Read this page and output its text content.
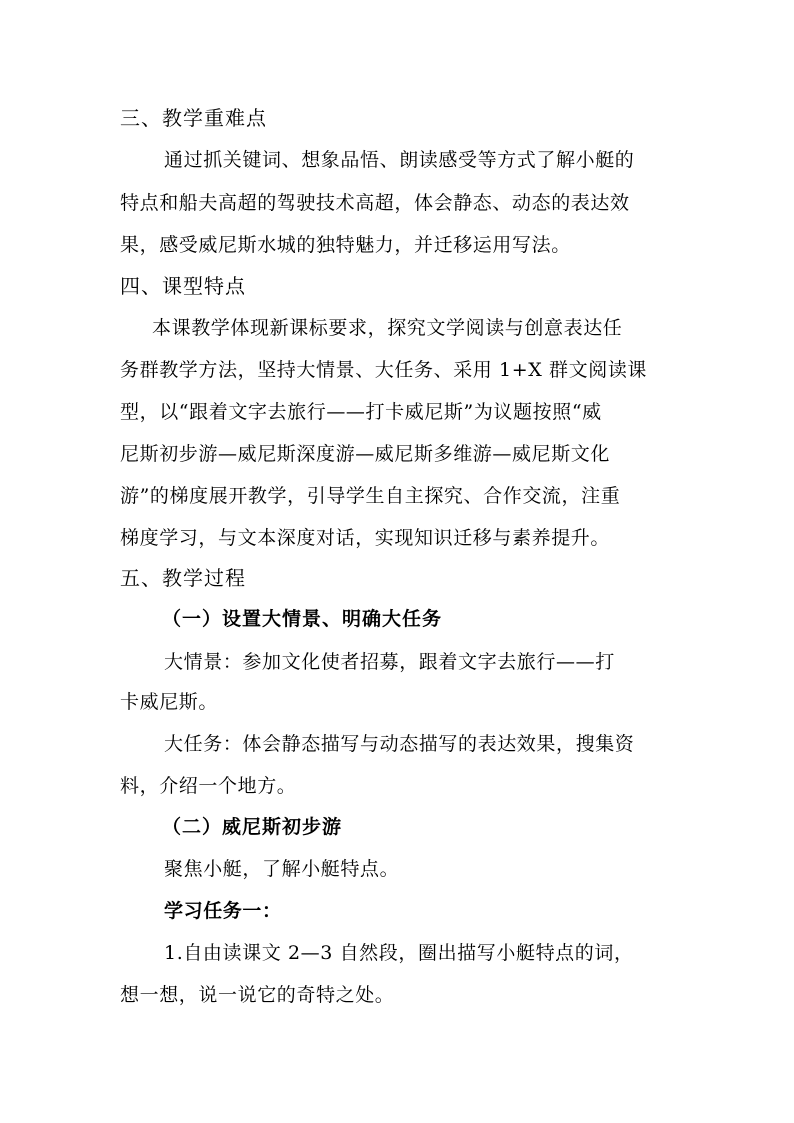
三、教学重难点
通过抓关键词、想象品悟、朗读感受等方式了解小艇的
特点和船夫高超的驾驶技术高超，体会静态、动态的表达效
果，感受威尼斯水城的独特魅力，并迁移运用写法。
四、课型特点
本课教学体现新课标要求，探究文学阅读与创意表达任
务群教学方法，坚持大情景、大任务、采用 1+X 群文阅读课
型，以“跟着文字去旅行——打卡威尼斯”为议题按照“威
尼斯初步游—威尼斯深度游—威尼斯多维游—威尼斯文化
游”的梯度展开教学，引导学生自主探究、合作交流，注重
梯度学习，与文本深度对话，实现知识迁移与素养提升。
五、教学过程
（一）设置大情景、明确大任务
大情景：参加文化使者招募，跟着文字去旅行——打
卡威尼斯。
大任务：体会静态描写与动态描写的表达效果，搜集资
料，介绍一个地方。
（二）威尼斯初步游
聚焦小艇，了解小艇特点。
学习任务一：
1.自由读课文 2—3 自然段，圈出描写小艇特点的词，
想一想，说一说它的奇特之处。
